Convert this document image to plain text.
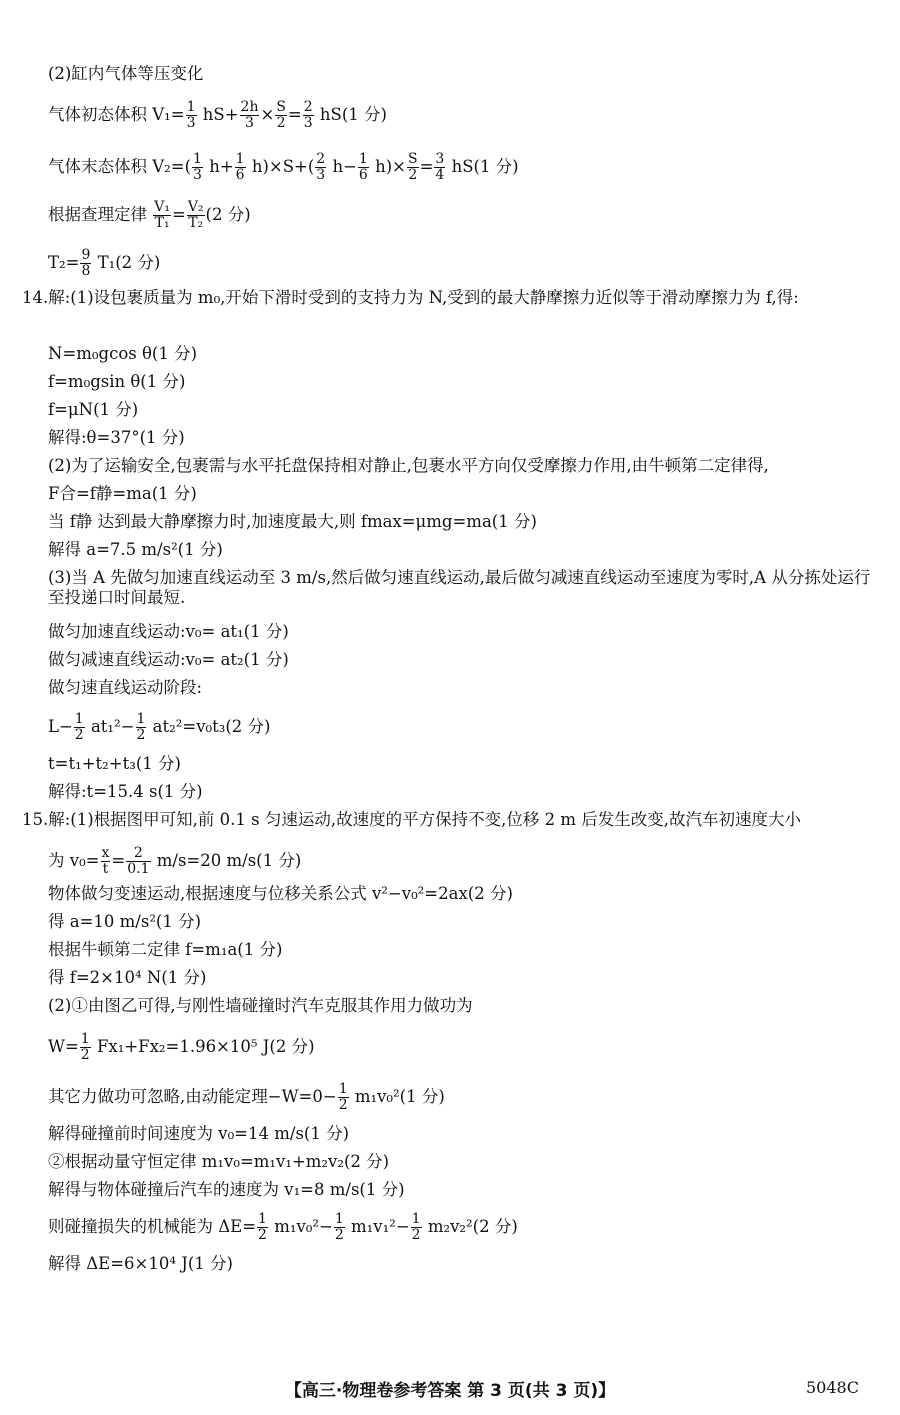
(2)缸内气体等压变化
气体初态体积 $V_1= \frac{1}{3} hS+ \frac{2h}{3} \times \frac{S}{2} = \frac{2}{3} hS(1$ 分)
气体末态体积 $V_2=( \frac{1}{3} h+ \frac{1}{6} h)\times S+( \frac{2}{3} h- \frac{1}{6} h)\times \frac{S}{2} = \frac{3}{4} hS(1$ 分)
根据查理定律 $\frac{\text{V₁}}{\text{T₁}} = \frac{\text{V₂}}{\text{T₂}} (2$ 分)
$T_2= \frac{9}{8} T_1(2$ 分)
14.解:(1)设包裹质量为 m₀,开始下滑时受到的支持力为 N,受到的最大静摩擦力近似等于滑动摩擦力为 f,得:
N=m₀gcos θ(1 分)
f=m₀gsin θ(1 分)
f=μN(1 分)
解得:θ=37°(1 分)
(2)为了运输安全,包裹需与水平托盘保持相对静止,包裹水平方向仅受摩擦力作用,由牛顿第二定律得,
F合=f静=ma(1 分)
当 f静 达到最大静摩擦力时,加速度最大,则 fmax=μmg=ma(1 分)
解得 a=7.5 m/s²(1 分)
(3)当 A 先做匀加速直线运动至 3 m/s,然后做匀速直线运动,最后做匀减速直线运动至速度为零时,A 从分拣处运行至投递口时间最短.
做匀加速直线运动:v₀= at₁(1 分)
做匀减速直线运动:v₀= at₂(1 分)
做匀速直线运动阶段:
$L- \frac{1}{2} at_1^2- \frac{1}{2} at_2^2=v_0t_3(2$ 分)
t=t₁+t₂+t₃(1 分)
解得:t=15.4 s(1 分)
15.解:(1)根据图甲可知,前 0.1 s 匀速运动,故速度的平方保持不变,位移 2 m 后发生改变,故汽车初速度大小
为 $v_0= \frac{x}{t} = \frac{2}{0.1} m/s=20$ m/s(1 分)
物体做匀变速运动,根据速度与位移关系公式 v²−v₀²=2ax(2 分)
得 a=10 m/s²(1 分)
根据牛顿第二定律 f=m₁a(1 分)
得 f=2×10⁴ N(1 分)
(2)①由图乙可得,与刚性墙碰撞时汽车克服其作用力做功为
$W= \frac{1}{2} Fx_1+Fx_2=1.96\times 10^5$ J(2 分)
其它力做功可忽略,由动能定理$-W=0- \frac{1}{2} m_1v_0^2(1$ 分)
解得碰撞前时间速度为 v₀=14 m/s(1 分)
②根据动量守恒定律 m₁v₀=m₁v₁+m₂v₂(2 分)
解得与物体碰撞后汽车的速度为 v₁=8 m/s(1 分)
则碰撞损失的机械能为 $\Delta E= \frac{1}{2} m_1v_0^2- \frac{1}{2} m_1v_1^2- \frac{1}{2} m_2v_2^2(2$ 分)
解得 ΔE=6×10⁴ J(1 分)
【高三·物理卷参考答案 第 3 页(共 3 页)】	5048C
